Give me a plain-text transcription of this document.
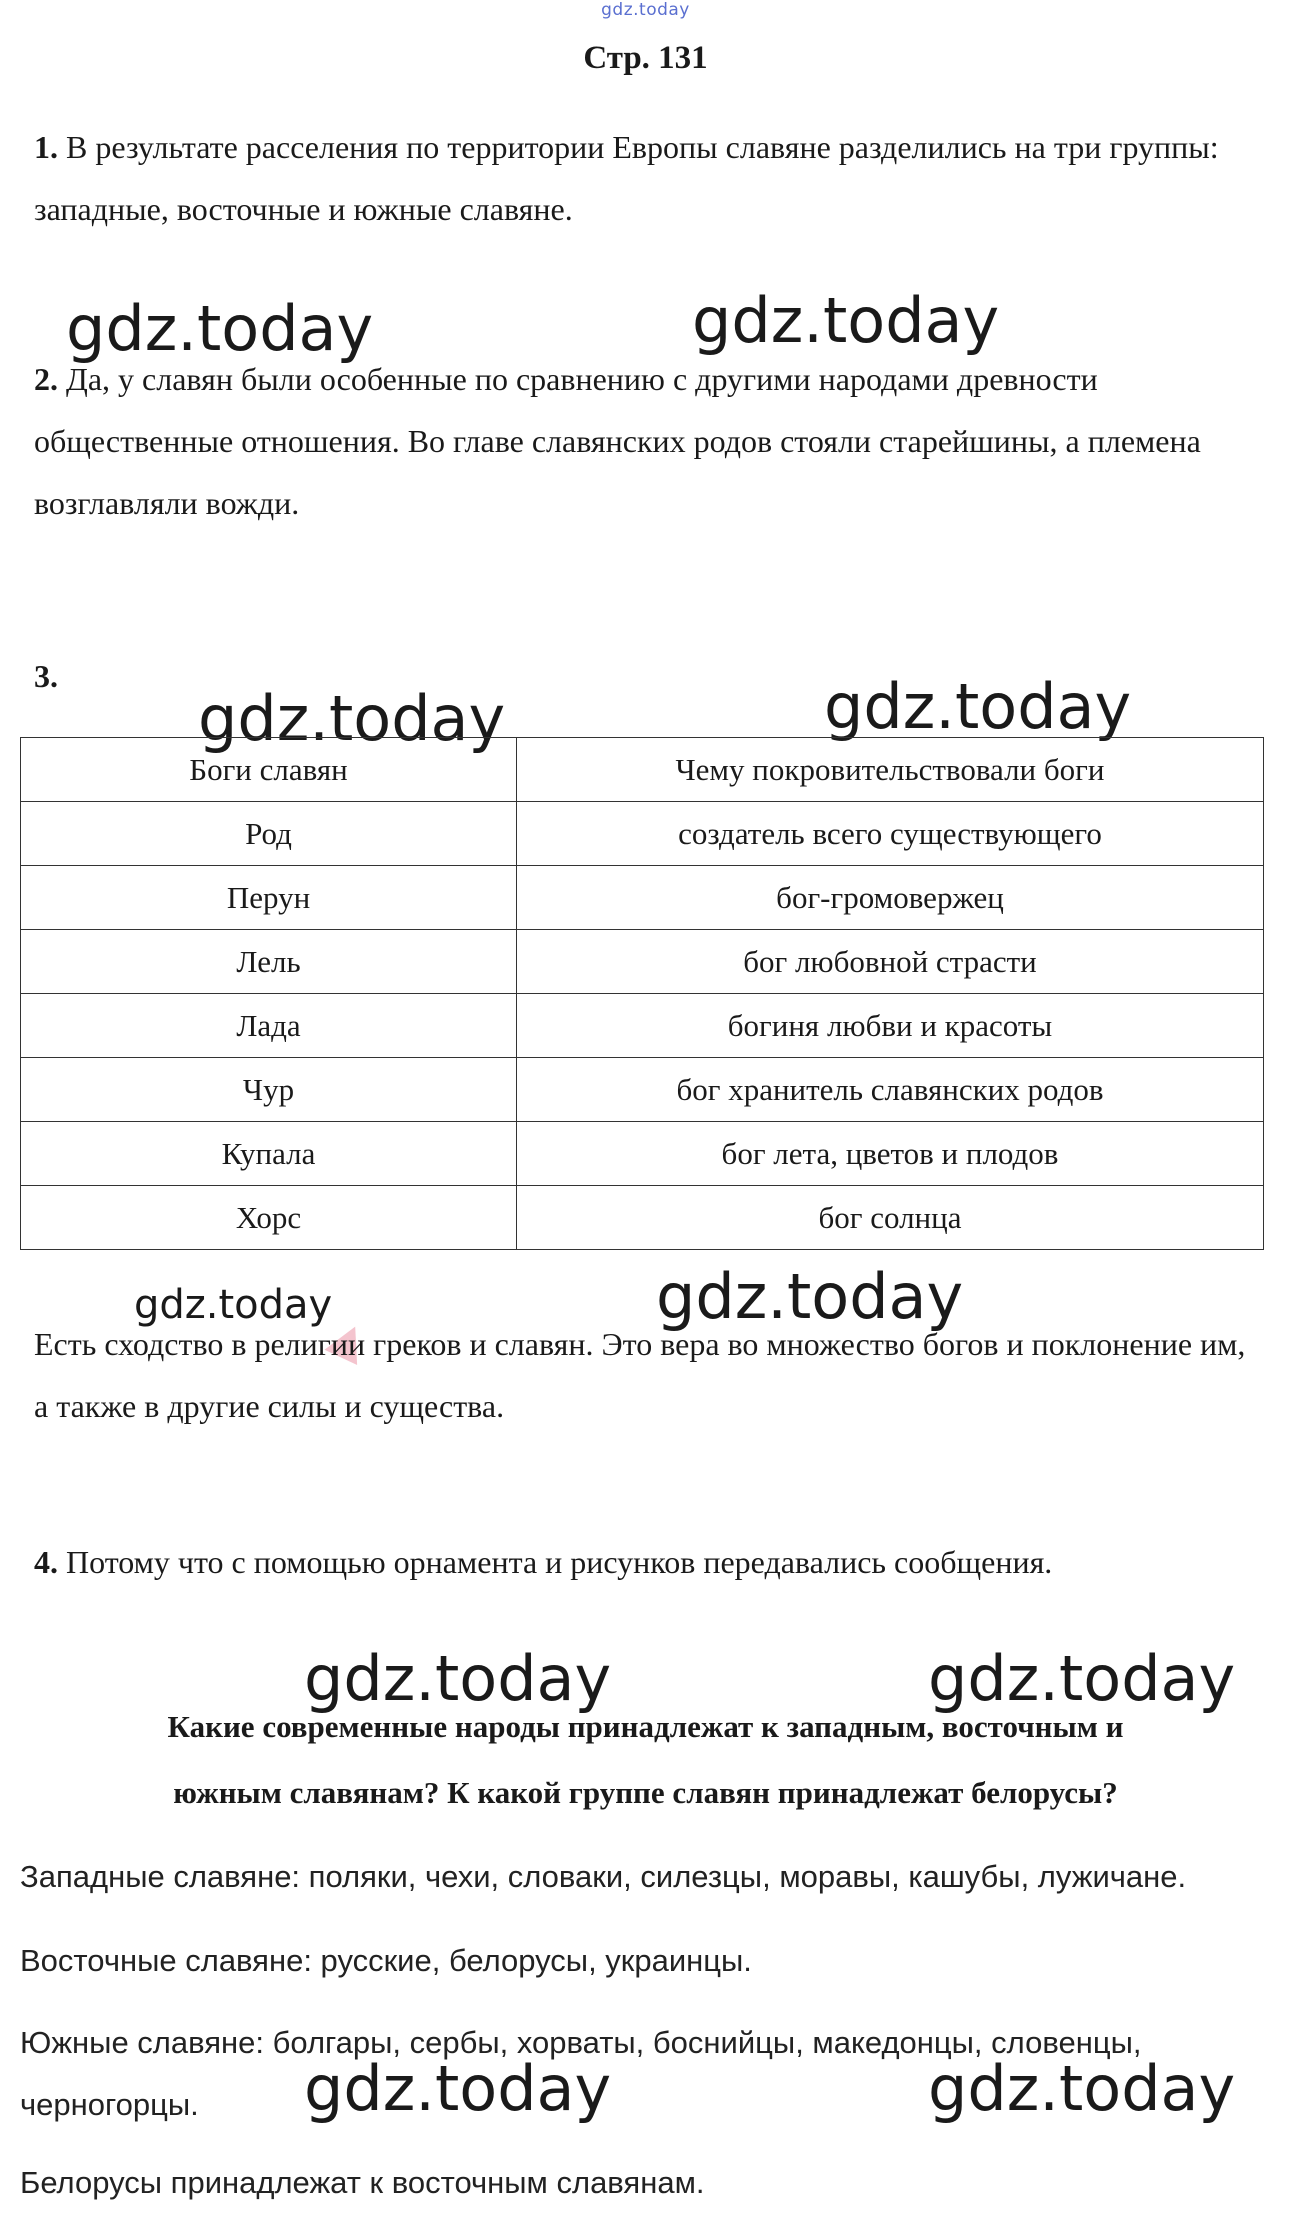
gdz.today
Стр. 131
1. В результате расселения по территории Европы славяне разделились на три группы: западные, восточные и южные славяне.
gdz.today	gdz.today
2. Да, у славян были особенные по сравнению с другими народами древности общественные отношения. Во главе славянских родов стояли старейшины, а племена возглавляли вожди.
3.
gdz.today	gdz.today
Боги славян	Чему покровительствовали боги
Род	создатель всего существующего
Перун	бог-громовержец
Лель	бог любовной страсти
Лада	богиня любви и красоты
Чур	бог хранитель славянских родов
Купала	бог лета, цветов и плодов
Хорс	бог солнца
gdz.today	gdz.today
Есть сходство в религии греков и славян. Это вера во множество богов и поклонение им, а также в другие силы и существа.
4. Потому что с помощью орнамента и рисунков передавались сообщения.
gdz.today	gdz.today
Какие современные народы принадлежат к западным, восточным и
южным славянам? К какой группе славян принадлежат белорусы?
Западные славяне: поляки, чехи, словаки, силезцы, моравы, кашубы, лужичане.
Восточные славяне: русские, белорусы, украинцы.
Южные славяне: болгары, сербы, хорваты, боснийцы, македонцы, словенцы, черногорцы.	gdz.today	gdz.today
Белорусы принадлежат к восточным славянам.
